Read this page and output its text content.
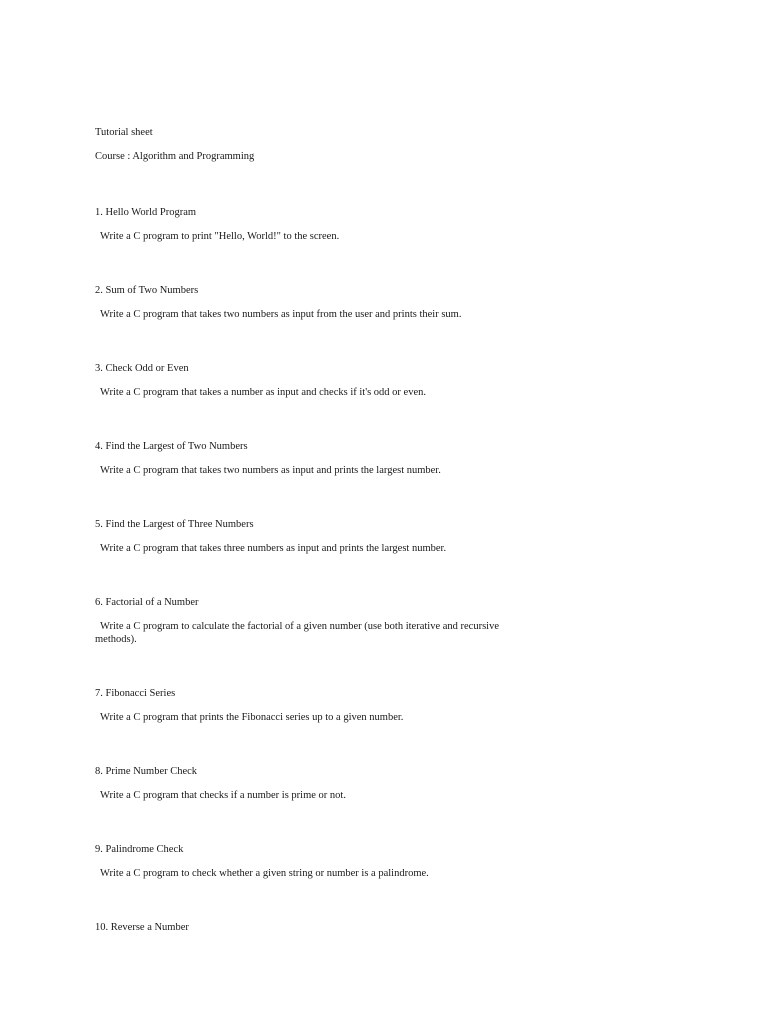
Tutorial sheet

Course : Algorithm and Programming

1. Hello World Program

Write a C program to print "Hello, World!" to the screen.

2. Sum of Two Numbers

Write a C program that takes two numbers as input from the user and prints their sum.

3. Check Odd or Even

Write a C program that takes a number as input and checks if it's odd or even.

4. Find the Largest of Two Numbers

Write a C program that takes two numbers as input and prints the largest number.

5. Find the Largest of Three Numbers

Write a C program that takes three numbers as input and prints the largest number.

6. Factorial of a Number

Write a C program to calculate the factorial of a given number (use both iterative and recursive methods).

7. Fibonacci Series

Write a C program that prints the Fibonacci series up to a given number.

8. Prime Number Check

Write a C program that checks if a number is prime or not.

9. Palindrome Check

Write a C program to check whether a given string or number is a palindrome.

10. Reverse a Number
